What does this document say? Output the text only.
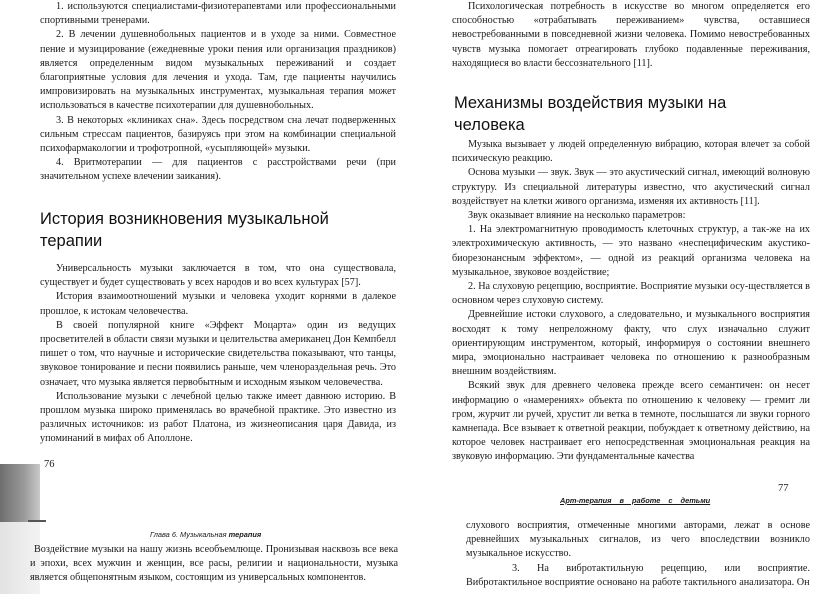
1. используются специалистами-физиотерапевтами или профессиональными спортивными тренерами.

2. В лечении душевнобольных пациентов и в уходе за ними. Совместное пение и музицирование (ежедневные уроки пения или организация праздников) является определенным видом музыкальных переживаний и создает благоприятные условия для лечения и ухода. Там, где пациенты научились импровизировать на музыкальных инструментах, музыкальная терапия может использоваться в качестве психотерапии для душевнобольных.

3. В некоторых «клиниках сна». Здесь посредством сна лечат подверженных сильным стрессам пациентов, базируясь при этом на комбинации специальной психофармакологии и трофотропной, «усыпляющей» музыки.

4. Вритмотерапии — для пациентов с расстройствами речи (при значительном успехе влечении заикания).

История возникновения музыкальной терапии

Универсальность музыки заключается в том, что она существовала, существует и будет существовать у всех народов и во всех культурах [57].

История взаимоотношений музыки и человека уходит корнями в далекое прошлое, к истокам человечества.

В своей популярной книге «Эффект Моцарта» один из ведущих просветителей в области связи музыки и целительства американец Дон Кемпбелл пишет о том, что научные и исторические свидетельства показывают, что танцы, звуковое тонирование и песни появились раньше, чем членораздельная речь. Это означает, что музыка является первобытным и исходным языком человечества.

Использование музыки с лечебной целью также имеет давнюю историю. В прошлом музыка широко применялась во врачебной практике. Это известно из различных источников: из работ Платона, из жизнеописания царя Давида, из упоминаний в мифах об Аполлоне.

76
Глава 6. Музыкальная терапия

Воздействие музыки на нашу жизнь всеобъемлюще. Пронизывая насквозь все века и эпохи, всех мужчин и женщин, все расы, религии и национальности, музыка является общепонятным языком, состоящим из универсальных компонентов.

Психологическая потребность в искусстве во многом определяется его способностью «отрабатывать переживанием» чувства, оставшиеся невостребованными в повседневной жизни человека. Помимо невостребованных чувств музыка помогает отреагировать глубоко подавленные переживания, находящиеся во власти бессознательного [11].

Механизмы воздействия музыки на человека

Музыка вызывает у людей определенную вибрацию, которая влечет за собой психическую реакцию.

Основа музыки — звук. Звук — это акустический сигнал, имеющий волновую структуру. Из специальной литературы известно, что акустический сигнал воздействует на клетки живого организма, изменяя их активность [11].

Звук оказывает влияние на несколько параметров:

1. На электромагнитную проводимость клеточных структур, а так-же на их электрохимическую активность, — это названо «неспецифическим акустико-биорезонансным эффектом», — одной из реакций организма человека на музыкальное, звуковое воздействие;

2. На слуховую рецепцию, восприятие. Восприятие музыки осу-ществляется в основном через слуховую систему.

Древнейшие истоки слухового, а следовательно, и музыкального восприятия восходят к тому непреложному факту, что слух изначально служит ориентирующим инструментом, который, информируя о состоянии внешнего мира, эмоционально настраивает человека по отношению к разнообразным внешним воздействиям.

Всякий звук для древнего человека прежде всего семантичен: он несет информацию о «намерениях» объекта по отношению к человеку — гремит ли гром, журчит ли ручей, хрустит ли ветка в темноте, послышатся ли звуки горного камнепада. Все взывает к ответной реакции, побуждает к ответному действию, на которое человек настраивает его непосредственная эмоциональная реакция на звуковую информацию. Эти фундаментальные качества

77
Арт-терапия в работе с детьми

слухового восприятия, отмеченные многими авторами, лежат в основе древнейших музыкальных сигналов, из чего впоследствии возникло музыкальное искусство.

3. На вибротактильную рецепцию, или восприятие. Вибротактильное восприятие основано на работе тактильного анализатора. Он
